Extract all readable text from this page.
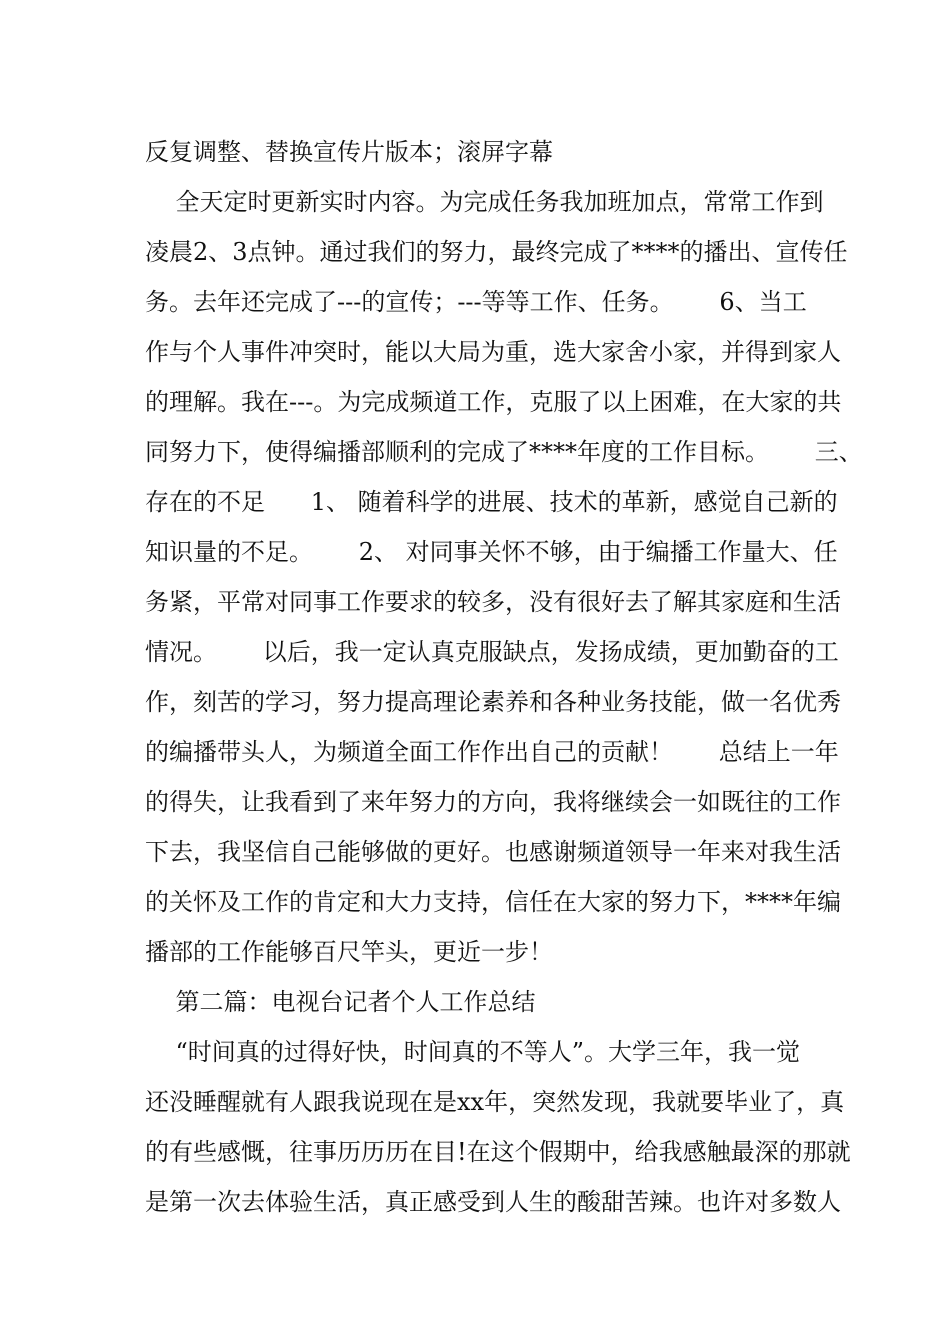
反复调整、替换宣传片版本；滚屏字幕
全天定时更新实时内容。为完成任务我加班加点，常常工作到
凌晨2、3点钟。通过我们的努力，最终完成了****的播出、宣传任
务。去年还完成了---的宣传；---等等工作、任务。      6、当工
作与个人事件冲突时，能以大局为重，选大家舍小家，并得到家人
的理解。我在---。为完成频道工作，克服了以上困难，在大家的共
同努力下，使得编播部顺利的完成了****年度的工作目标。      三、
存在的不足      1、 随着科学的进展、技术的革新，感觉自己新的
知识量的不足。      2、 对同事关怀不够，由于编播工作量大、任
务紧，平常对同事工作要求的较多，没有很好去了解其家庭和生活
情况。      以后，我一定认真克服缺点，发扬成绩，更加勤奋的工
作，刻苦的学习，努力提高理论素养和各种业务技能，做一名优秀
的编播带头人，为频道全面工作作出自己的贡献！      总结上一年
的得失，让我看到了来年努力的方向，我将继续会一如既往的工作
下去，我坚信自己能够做的更好。也感谢频道领导一年来对我生活
的关怀及工作的肯定和大力支持，信任在大家的努力下，****年编
播部的工作能够百尺竿头，更近一步！
第二篇：电视台记者个人工作总结
“时间真的过得好快，时间真的不等人”。大学三年，我一觉
还没睡醒就有人跟我说现在是xx年，突然发现，我就要毕业了，真
的有些感慨，往事历历历在目!在这个假期中，给我感触最深的那就
是第一次去体验生活，真正感受到人生的酸甜苦辣。也许对多数人
